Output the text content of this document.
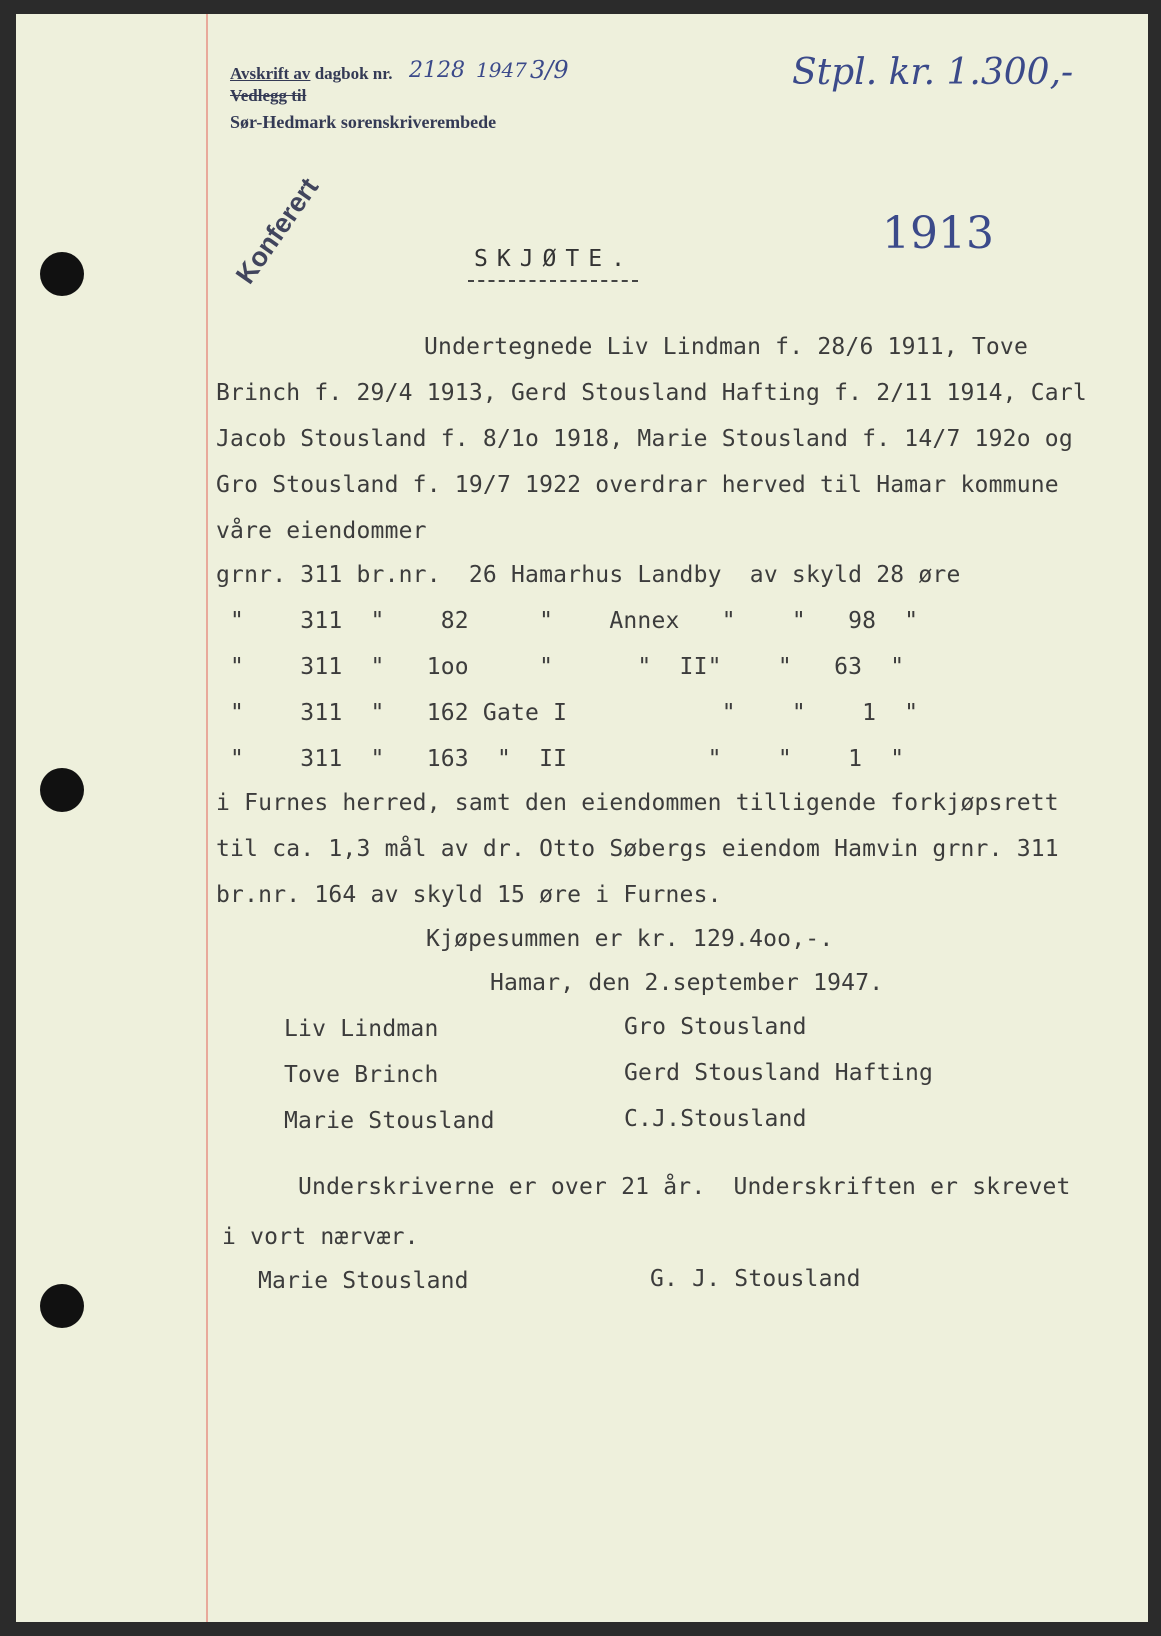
Avskrift av dagbok nr. 2128 1947 3/9
Vedlegg til
Sør-Hedmark sorenskriverembede
Stpl. kr. 1.300,-
Konferert	1913
SKJØTE.
Undertegnede Liv Lindman f. 28/6 1911, Tove
Brinch f. 29/4 1913, Gerd Stousland Hafting f. 2/11 1914, Carl
Jacob Stousland f. 8/1o 1918, Marie Stousland f. 14/7 192o og
Gro Stousland f. 19/7 1922 overdrar herved til Hamar kommune
våre eiendommer
grnr. 311 br.nr.  26 Hamarhus Landby  av skyld 28 øre
"    311  "    82     "    Annex   "    "   98  "
"    311  "   1oo     "      "  II"    "   63  "
"    311  "   162 Gate I           "    "    1  "
"    311  "   163  "  II          "    "    1  "
i Furnes herred, samt den eiendommen tilligende forkjøpsrett
til ca. 1,3 mål av dr. Otto Søbergs eiendom Hamvin grnr. 311
br.nr. 164 av skyld 15 øre i Furnes.
Kjøpesummen er kr. 129.4oo,-.
Hamar, den 2.september 1947.
Liv Lindman
Tove Brinch
Marie Stousland
Gro Stousland
Gerd Stousland Hafting
C.J.Stousland
Underskriverne er over 21 år.  Underskriften er skrevet
i vort nærvær.
Marie Stousland	G. J. Stousland
